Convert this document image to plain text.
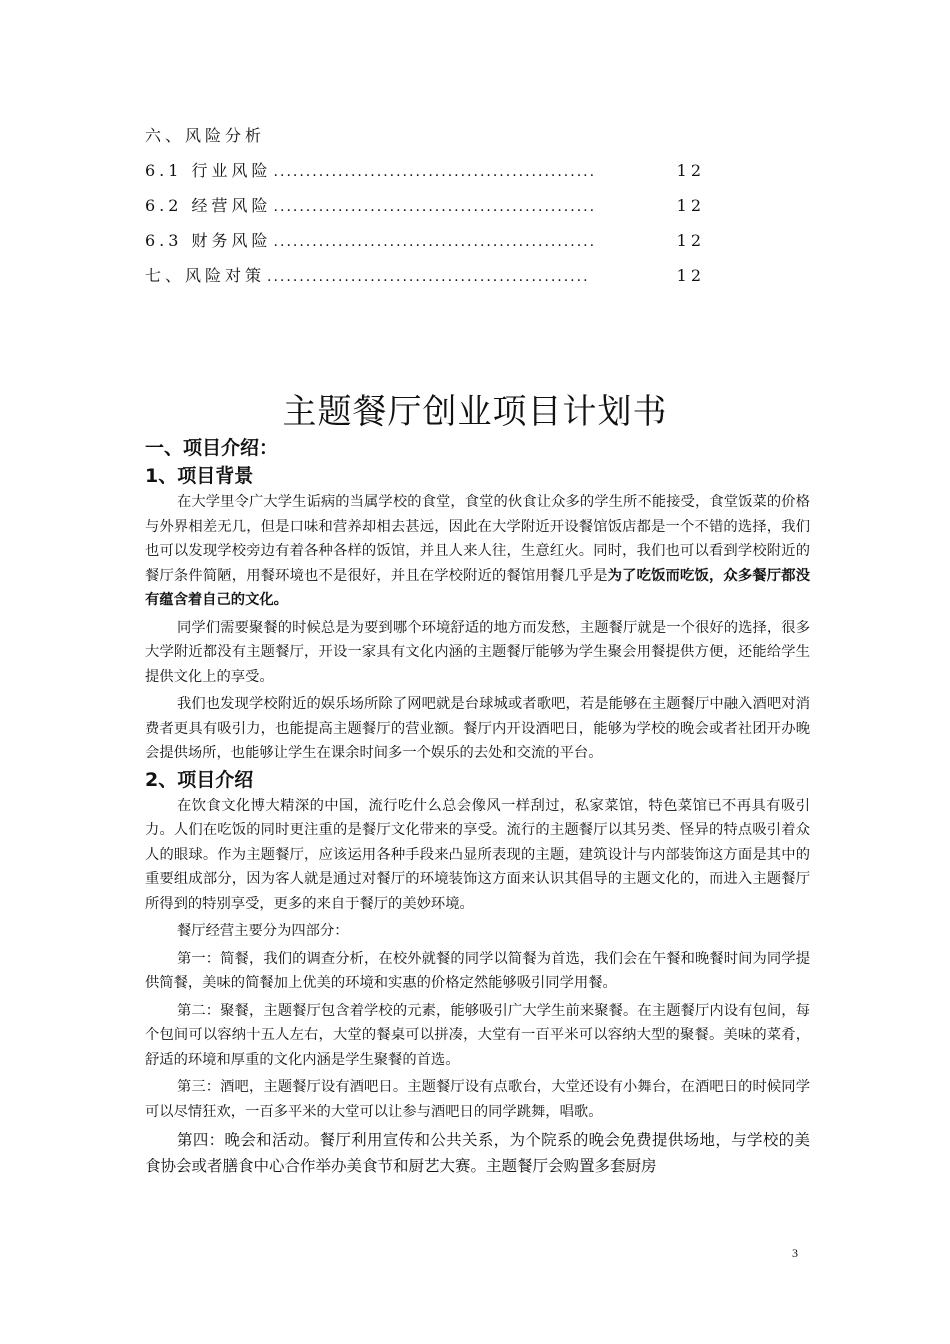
六、风险分析
6.1 行业风险 ..................................................	12
6.2 经营风险 ..................................................	12
6.3 财务风险 ..................................................	12
七、风险对策 ..................................................	12
主题餐厅创业项目计划书
一、项目介绍：
1、项目背景

在大学里令广大学生诟病的当属学校的食堂，食堂的伙食让众多的学生所不能接受，食堂饭菜的价格与外界相差无几，但是口味和营养却相去甚远，因此在大学附近开设餐馆饭店都是一个不错的选择，我们也可以发现学校旁边有着各种各样的饭馆，并且人来人往，生意红火。同时，我们也可以看到学校附近的餐厅条件简陋，用餐环境也不是很好，并且在学校附近的餐馆用餐几乎是为了吃饭而吃饭，众多餐厅都没有蕴含着自己的文化。

同学们需要聚餐的时候总是为要到哪个环境舒适的地方而发愁，主题餐厅就是一个很好的选择，很多大学附近都没有主题餐厅，开设一家具有文化内涵的主题餐厅能够为学生聚会用餐提供方便，还能给学生提供文化上的享受。

我们也发现学校附近的娱乐场所除了网吧就是台球城或者歌吧，若是能够在主题餐厅中融入酒吧对消费者更具有吸引力，也能提高主题餐厅的营业额。餐厅内开设酒吧日，能够为学校的晚会或者社团开办晚会提供场所，也能够让学生在课余时间多一个娱乐的去处和交流的平台。

2、项目介绍

在饮食文化博大精深的中国，流行吃什么总会像风一样刮过，私家菜馆，特色菜馆已不再具有吸引力。人们在吃饭的同时更注重的是餐厅文化带来的享受。流行的主题餐厅以其另类、怪异的特点吸引着众人的眼球。作为主题餐厅，应该运用各种手段来凸显所表现的主题，建筑设计与内部装饰这方面是其中的重要组成部分，因为客人就是通过对餐厅的环境装饰这方面来认识其倡导的主题文化的，而进入主题餐厅所得到的特别享受，更多的来自于餐厅的美妙环境。

餐厅经营主要分为四部分：

第一：简餐，我们的调查分析，在校外就餐的同学以简餐为首选，我们会在午餐和晚餐时间为同学提供简餐，美味的简餐加上优美的环境和实惠的价格定然能够吸引同学用餐。

第二：聚餐，主题餐厅包含着学校的元素，能够吸引广大学生前来聚餐。在主题餐厅内设有包间，每个包间可以容纳十五人左右，大堂的餐桌可以拼凑，大堂有一百平米可以容纳大型的聚餐。美味的菜肴，舒适的环境和厚重的文化内涵是学生聚餐的首选。

第三：酒吧，主题餐厅设有酒吧日。主题餐厅设有点歌台，大堂还设有小舞台，在酒吧日的时候同学可以尽情狂欢，一百多平米的大堂可以让参与酒吧日的同学跳舞，唱歌。

第四：晚会和活动。餐厅利用宣传和公共关系，为个院系的晚会免费提供场地，与学校的美食协会或者膳食中心合作举办美食节和厨艺大赛。主题餐厅会购置多套厨房

3
